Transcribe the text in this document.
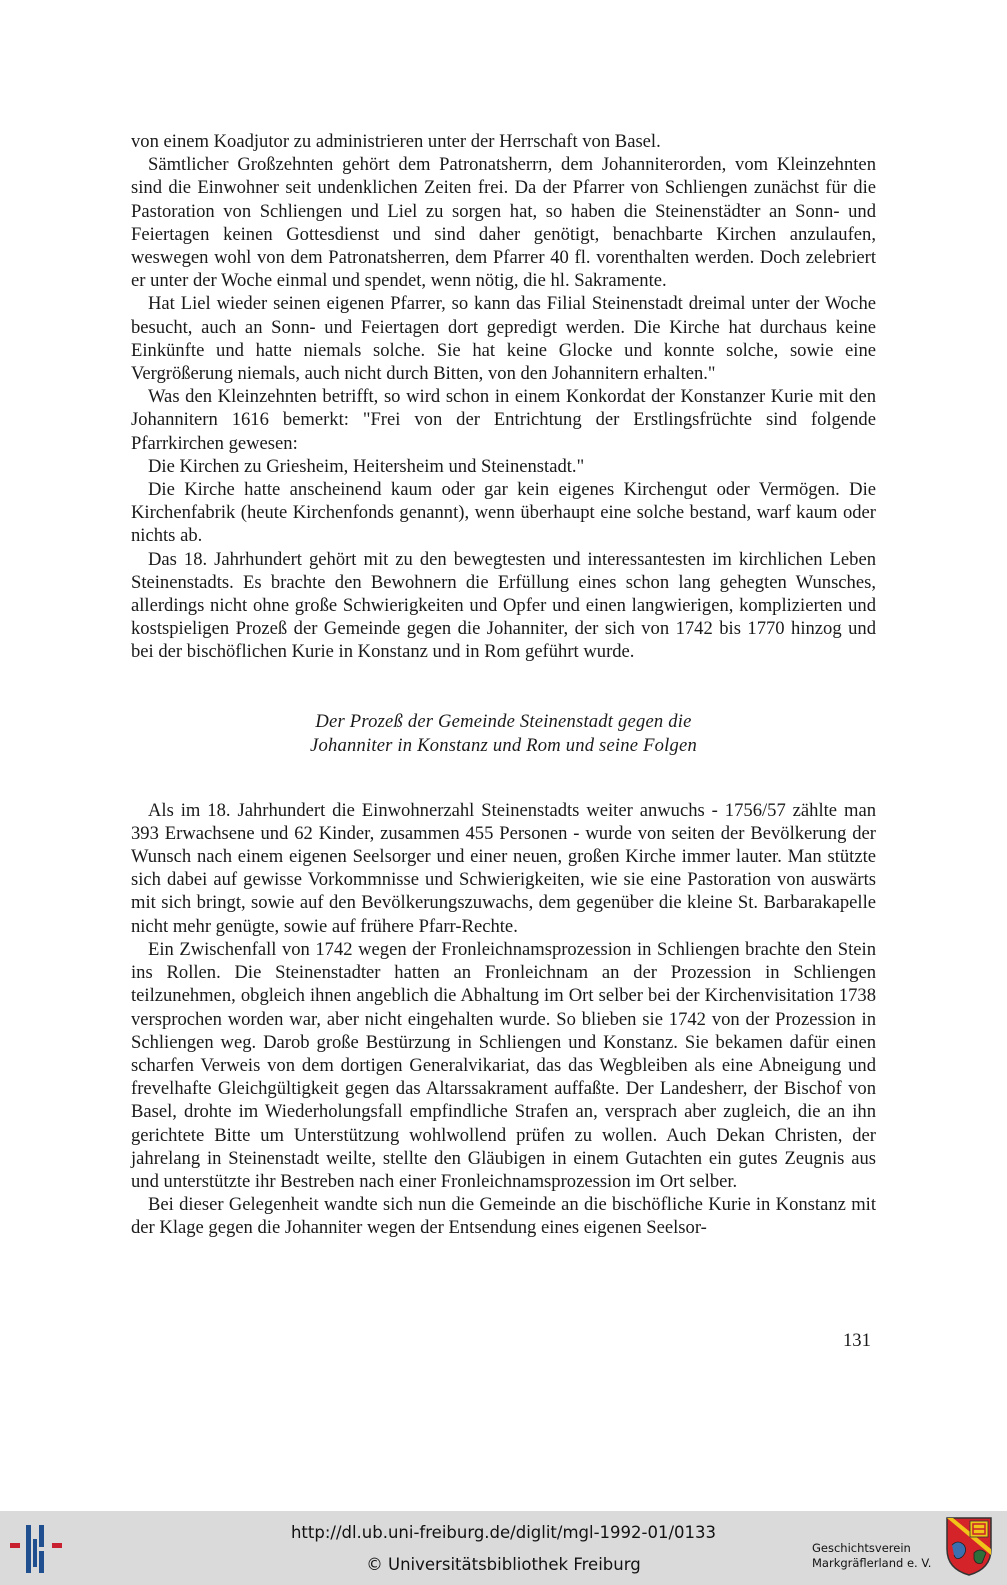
von einem Koadjutor zu administrieren unter der Herrschaft von Basel.

Sämtlicher Großzehnten gehört dem Patronatsherrn, dem Johanniterorden, vom Kleinzehnten sind die Einwohner seit undenklichen Zeiten frei. Da der Pfarrer von Schliengen zunächst für die Pastoration von Schliengen und Liel zu sorgen hat, so haben die Steinenstädter an Sonn- und Feiertagen keinen Gottesdienst und sind daher genötigt, benachbarte Kirchen anzulaufen, weswegen wohl von dem Patronatsherren, dem Pfarrer 40 fl. vorenthalten werden. Doch zelebriert er unter der Woche einmal und spendet, wenn nötig, die hl. Sakramente.

Hat Liel wieder seinen eigenen Pfarrer, so kann das Filial Steinenstadt dreimal unter der Woche besucht, auch an Sonn- und Feiertagen dort gepredigt werden. Die Kirche hat durchaus keine Einkünfte und hatte niemals solche. Sie hat keine Glocke und konnte solche, sowie eine Vergrößerung niemals, auch nicht durch Bitten, von den Johannitern erhalten."

Was den Kleinzehnten betrifft, so wird schon in einem Konkordat der Konstanzer Kurie mit den Johannitern 1616 bemerkt: "Frei von der Entrichtung der Erstlingsfrüchte sind folgende Pfarrkirchen gewesen:

Die Kirchen zu Griesheim, Heitersheim und Steinenstadt."

Die Kirche hatte anscheinend kaum oder gar kein eigenes Kirchengut oder Vermögen. Die Kirchenfabrik (heute Kirchenfonds genannt), wenn überhaupt eine solche bestand, warf kaum oder nichts ab.

Das 18. Jahrhundert gehört mit zu den bewegtesten und interessantesten im kirchlichen Leben Steinenstadts. Es brachte den Bewohnern die Erfüllung eines schon lang gehegten Wunsches, allerdings nicht ohne große Schwierigkeiten und Opfer und einen langwierigen, komplizierten und kostspieligen Prozeß der Gemeinde gegen die Johanniter, der sich von 1742 bis 1770 hinzog und bei der bischöflichen Kurie in Konstanz und in Rom geführt wurde.

Der Prozeß der Gemeinde Steinenstadt gegen die
Johanniter in Konstanz und Rom und seine Folgen

Als im 18. Jahrhundert die Einwohnerzahl Steinenstadts weiter anwuchs - 1756/57 zählte man 393 Erwachsene und 62 Kinder, zusammen 455 Personen - wurde von seiten der Bevölkerung der Wunsch nach einem eigenen Seelsorger und einer neuen, großen Kirche immer lauter. Man stützte sich dabei auf gewisse Vorkommnisse und Schwierigkeiten, wie sie eine Pastoration von auswärts mit sich bringt, sowie auf den Bevölkerungszuwachs, dem gegenüber die kleine St. Barbarakapelle nicht mehr genügte, sowie auf frühere Pfarr-Rechte.

Ein Zwischenfall von 1742 wegen der Fronleichnamsprozession in Schliengen brachte den Stein ins Rollen. Die Steinenstadter hatten an Fronleichnam an der Prozession in Schliengen teilzunehmen, obgleich ihnen angeblich die Abhaltung im Ort selber bei der Kirchenvisitation 1738 versprochen worden war, aber nicht eingehalten wurde. So blieben sie 1742 von der Prozession in Schliengen weg. Darob große Bestürzung in Schliengen und Konstanz. Sie bekamen dafür einen scharfen Verweis von dem dortigen Generalvikariat, das das Wegbleiben als eine Abneigung und frevelhafte Gleichgültigkeit gegen das Altarssakrament auffaßte. Der Landesherr, der Bischof von Basel, drohte im Wiederholungsfall empfindliche Strafen an, versprach aber zugleich, die an ihn gerichtete Bitte um Unterstützung wohlwollend prüfen zu wollen. Auch Dekan Christen, der jahrelang in Steinenstadt weilte, stellte den Gläubigen in einem Gutachten ein gutes Zeugnis aus und unterstützte ihr Bestreben nach einer Fronleichnamsprozession im Ort selber.

Bei dieser Gelegenheit wandte sich nun die Gemeinde an die bischöfliche Kurie in Konstanz mit der Klage gegen die Johanniter wegen der Entsendung eines eigenen Seelsor-

131
http://dl.ub.uni-freiburg.de/diglit/mgl-1992-01/0133
© Universitätsbibliothek Freiburg
Geschichtsverein
Markgräflerland e. V.
